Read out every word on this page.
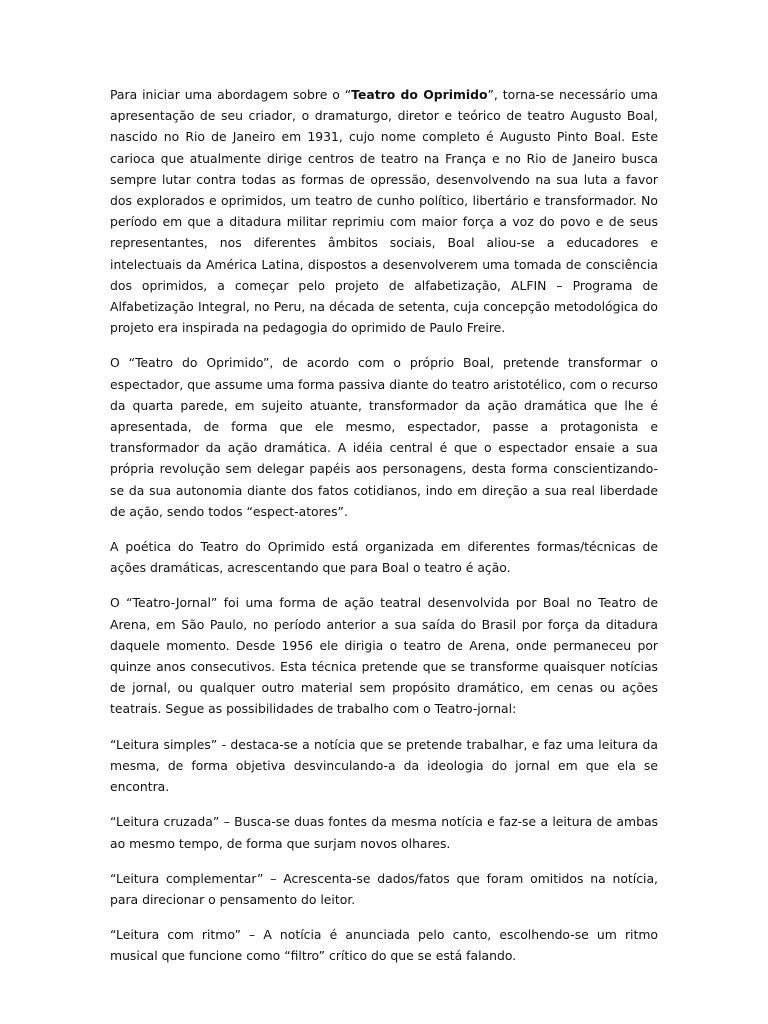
Para iniciar uma abordagem sobre o “Teatro do Oprimido”, torna-se necessário uma apresentação de seu criador, o dramaturgo, diretor e teórico de teatro Augusto Boal, nascido no Rio de Janeiro em 1931, cujo nome completo é Augusto Pinto Boal. Este carioca que atualmente dirige centros de teatro na França e no Rio de Janeiro busca sempre lutar contra todas as formas de opressão, desenvolvendo na sua luta a favor dos explorados e oprimidos, um teatro de cunho político, libertário e transformador. No período em que a ditadura militar reprimiu com maior força a voz do povo e de seus representantes, nos diferentes âmbitos sociais, Boal aliou-se a educadores e intelectuais da América Latina, dispostos a desenvolverem uma tomada de consciência dos oprimidos, a começar pelo projeto de alfabetização, ALFIN – Programa de Alfabetização Integral, no Peru, na década de setenta, cuja concepção metodológica do projeto era inspirada na pedagogia do oprimido de Paulo Freire.

O “Teatro do Oprimido”, de acordo com o próprio Boal, pretende transformar o espectador, que assume uma forma passiva diante do teatro aristotélico, com o recurso da quarta parede, em sujeito atuante, transformador da ação dramática que lhe é apresentada, de forma que ele mesmo, espectador, passe a protagonista e transformador da ação dramática. A idéia central é que o espectador ensaie a sua própria revolução sem delegar papéis aos personagens, desta forma conscientizando-se da sua autonomia diante dos fatos cotidianos, indo em direção a sua real liberdade de ação, sendo todos “espect-atores”.

A poética do Teatro do Oprimido está organizada em diferentes formas/técnicas de ações dramáticas, acrescentando que para Boal o teatro é ação.

O “Teatro-Jornal” foi uma forma de ação teatral desenvolvida por Boal no Teatro de Arena, em São Paulo, no período anterior a sua saída do Brasil por força da ditadura daquele momento. Desde 1956 ele dirigia o teatro de Arena, onde permaneceu por quinze anos consecutivos. Esta técnica pretende que se transforme quaisquer notícias de jornal, ou qualquer outro material sem propósito dramático, em cenas ou ações teatrais. Segue as possibilidades de trabalho com o Teatro-jornal:

“Leitura simples” - destaca-se a notícia que se pretende trabalhar, e faz uma leitura da mesma, de forma objetiva desvinculando-a da ideologia do jornal em que ela se encontra.

“Leitura cruzada” – Busca-se duas fontes da mesma notícia e faz-se a leitura de ambas ao mesmo tempo, de forma que surjam novos olhares.

“Leitura complementar” – Acrescenta-se dados/fatos que foram omitidos na notícia, para direcionar o pensamento do leitor.

“Leitura com ritmo” – A notícia é anunciada pelo canto, escolhendo-se um ritmo musical que funcione como “filtro” crítico do que se está falando.
